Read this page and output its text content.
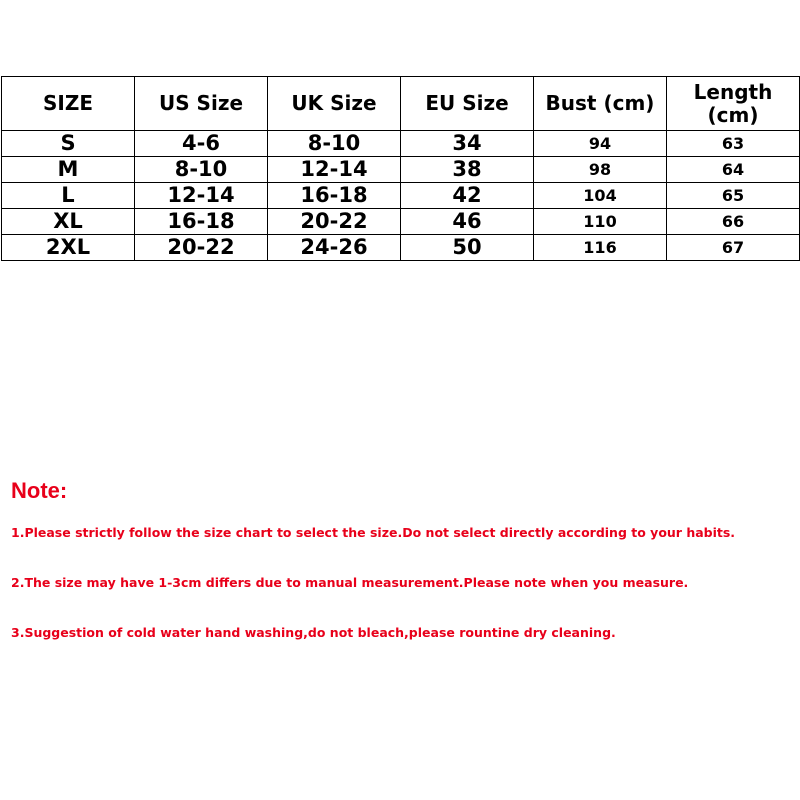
SIZE	US Size	UK Size	EU Size	Bust (cm)	Length (cm)
S	4-6	8-10	34	94	63
M	8-10	12-14	38	98	64
L	12-14	16-18	42	104	65
XL	16-18	20-22	46	110	66
2XL	20-22	24-26	50	116	67
Note:
1.Please strictly follow the size chart to select the size.Do not select directly according to your habits.
2.The size may have 1-3cm differs due to manual measurement.Please note when you measure.
3.Suggestion of cold water hand washing,do not bleach,please rountine dry cleaning.
